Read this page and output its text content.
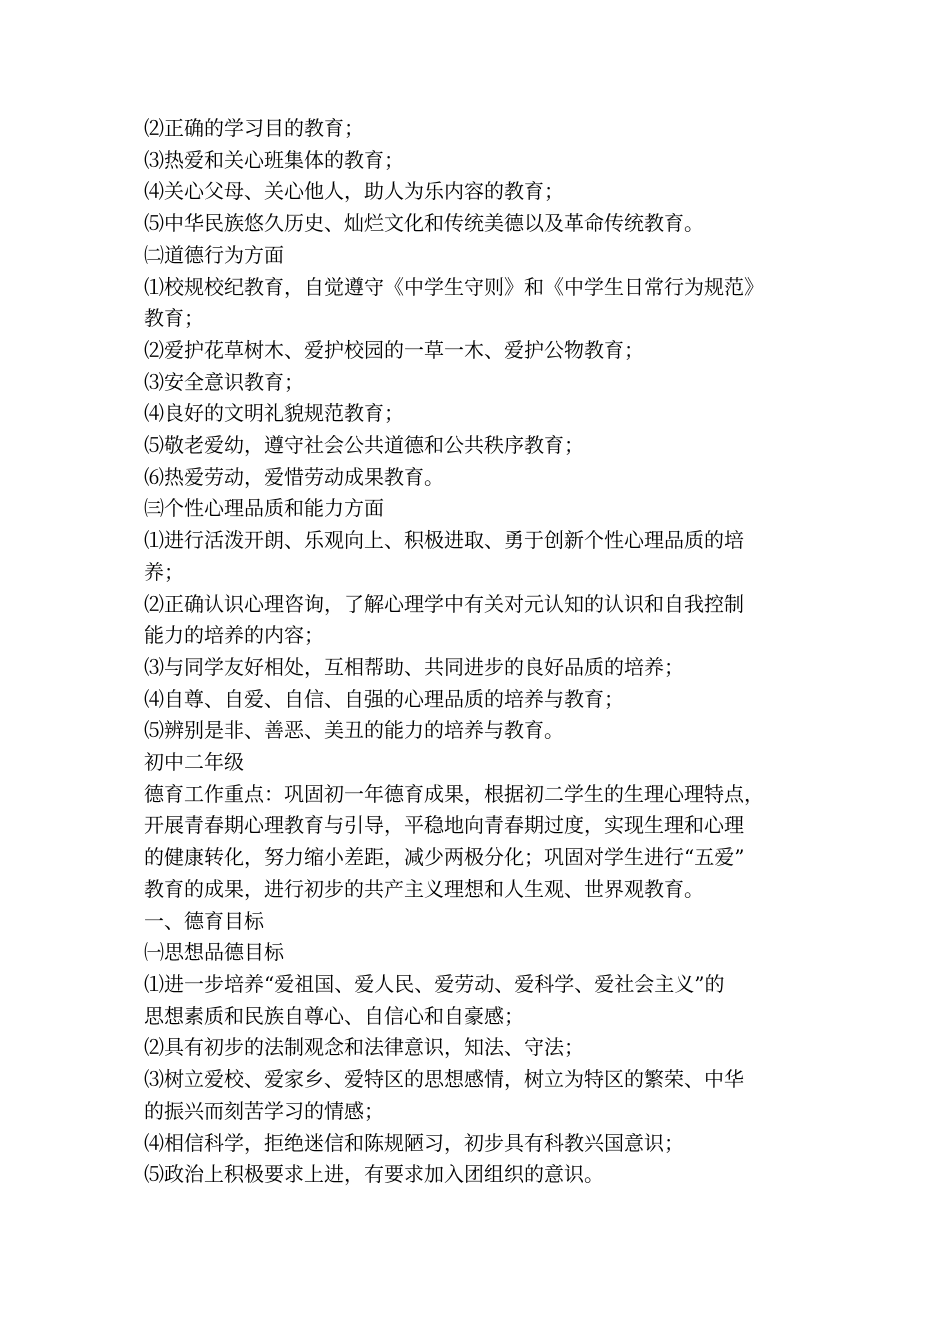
⑵正确的学习目的教育；
⑶热爱和关心班集体的教育；
⑷关心父母、关心他人，助人为乐内容的教育；
⑸中华民族悠久历史、灿烂文化和传统美德以及革命传统教育。
㈡道德行为方面
⑴校规校纪教育，自觉遵守《中学生守则》和《中学生日常行为规范》
教育；
⑵爱护花草树木、爱护校园的一草一木、爱护公物教育；
⑶安全意识教育；
⑷良好的文明礼貌规范教育；
⑸敬老爱幼，遵守社会公共道德和公共秩序教育；
⑹热爱劳动，爱惜劳动成果教育。
㈢个性心理品质和能力方面
⑴进行活泼开朗、乐观向上、积极进取、勇于创新个性心理品质的培
养；
⑵正确认识心理咨询，了解心理学中有关对元认知的认识和自我控制
能力的培养的内容；
⑶与同学友好相处，互相帮助、共同进步的良好品质的培养；
⑷自尊、自爱、自信、自强的心理品质的培养与教育；
⑸辨别是非、善恶、美丑的能力的培养与教育。
初中二年级
德育工作重点：巩固初一年德育成果，根据初二学生的生理心理特点，
开展青春期心理教育与引导，平稳地向青春期过度，实现生理和心理
的健康转化，努力缩小差距，减少两极分化；巩固对学生进行“五爱”
教育的成果，进行初步的共产主义理想和人生观、世界观教育。
一、德育目标
㈠思想品德目标
⑴进一步培养“爱祖国、爱人民、爱劳动、爱科学、爱社会主义”的
思想素质和民族自尊心、自信心和自豪感；
⑵具有初步的法制观念和法律意识，知法、守法；
⑶树立爱校、爱家乡、爱特区的思想感情，树立为特区的繁荣、中华
的振兴而刻苦学习的情感；
⑷相信科学，拒绝迷信和陈规陋习，初步具有科教兴国意识；
⑸政治上积极要求上进，有要求加入团组织的意识。
